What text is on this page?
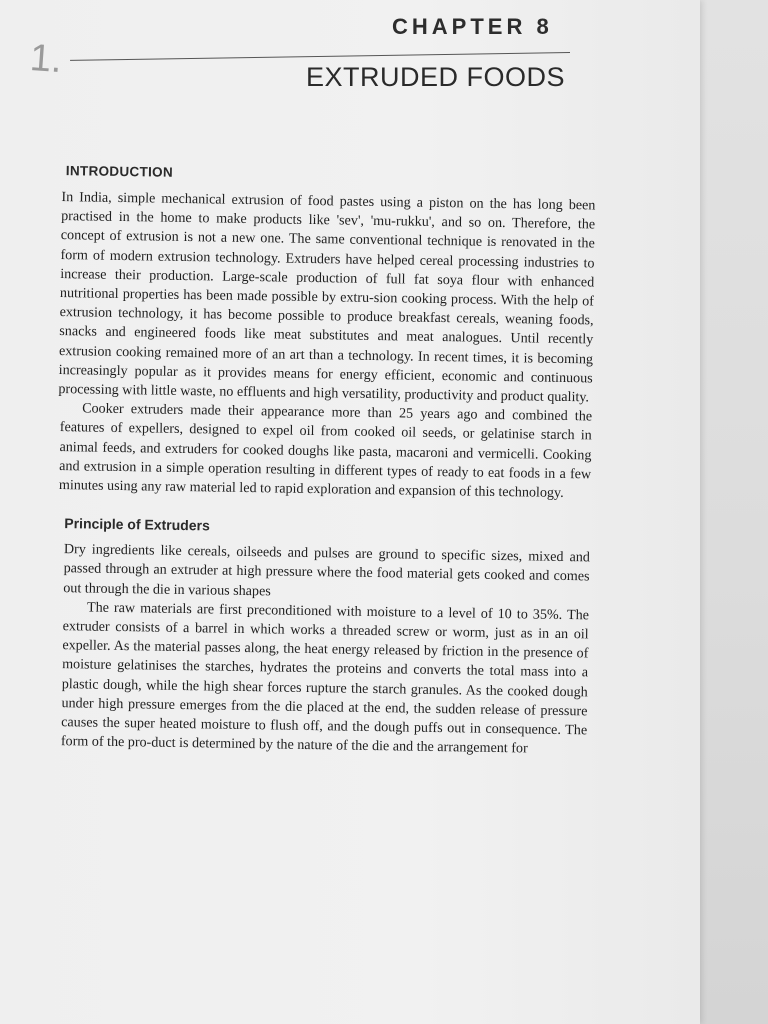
1.
CHAPTER 8
EXTRUDED FOODS
INTRODUCTION

In India, simple mechanical extrusion of food pastes using a piston on the has long been practised in the home to make products like 'sev', 'mu-rukku', and so on. Therefore, the concept of extrusion is not a new one. The same conventional technique is renovated in the form of modern extrusion technology. Extruders have helped cereal processing industries to increase their production. Large-scale production of full fat soya flour with enhanced nutritional properties has been made possible by extru-sion cooking process. With the help of extrusion technology, it has become possible to produce breakfast cereals, weaning foods, snacks and engineered foods like meat substitutes and meat analogues. Until recently extrusion cooking remained more of an art than a technology. In recent times, it is becoming increasingly popular as it provides means for energy efficient, economic and continuous processing with little waste, no effluents and high versatility, productivity and product quality.

Cooker extruders made their appearance more than 25 years ago and combined the features of expellers, designed to expel oil from cooked oil seeds, or gelatinise starch in animal feeds, and extruders for cooked doughs like pasta, macaroni and vermicelli. Cooking and extrusion in a simple operation resulting in different types of ready to eat foods in a few minutes using any raw material led to rapid exploration and expansion of this technology.

Principle of Extruders

Dry ingredients like cereals, oilseeds and pulses are ground to specific sizes, mixed and passed through an extruder at high pressure where the food material gets cooked and comes out through the die in various shapes

The raw materials are first preconditioned with moisture to a level of 10 to 35%. The extruder consists of a barrel in which works a threaded screw or worm, just as in an oil expeller. As the material passes along, the heat energy released by friction in the presence of moisture gelatinises the starches, hydrates the proteins and converts the total mass into a plastic dough, while the high shear forces rupture the starch granules. As the cooked dough under high pressure emerges from the die placed at the end, the sudden release of pressure causes the super heated moisture to flush off, and the dough puffs out in consequence. The form of the pro-duct is determined by the nature of the die and the arrangement for
